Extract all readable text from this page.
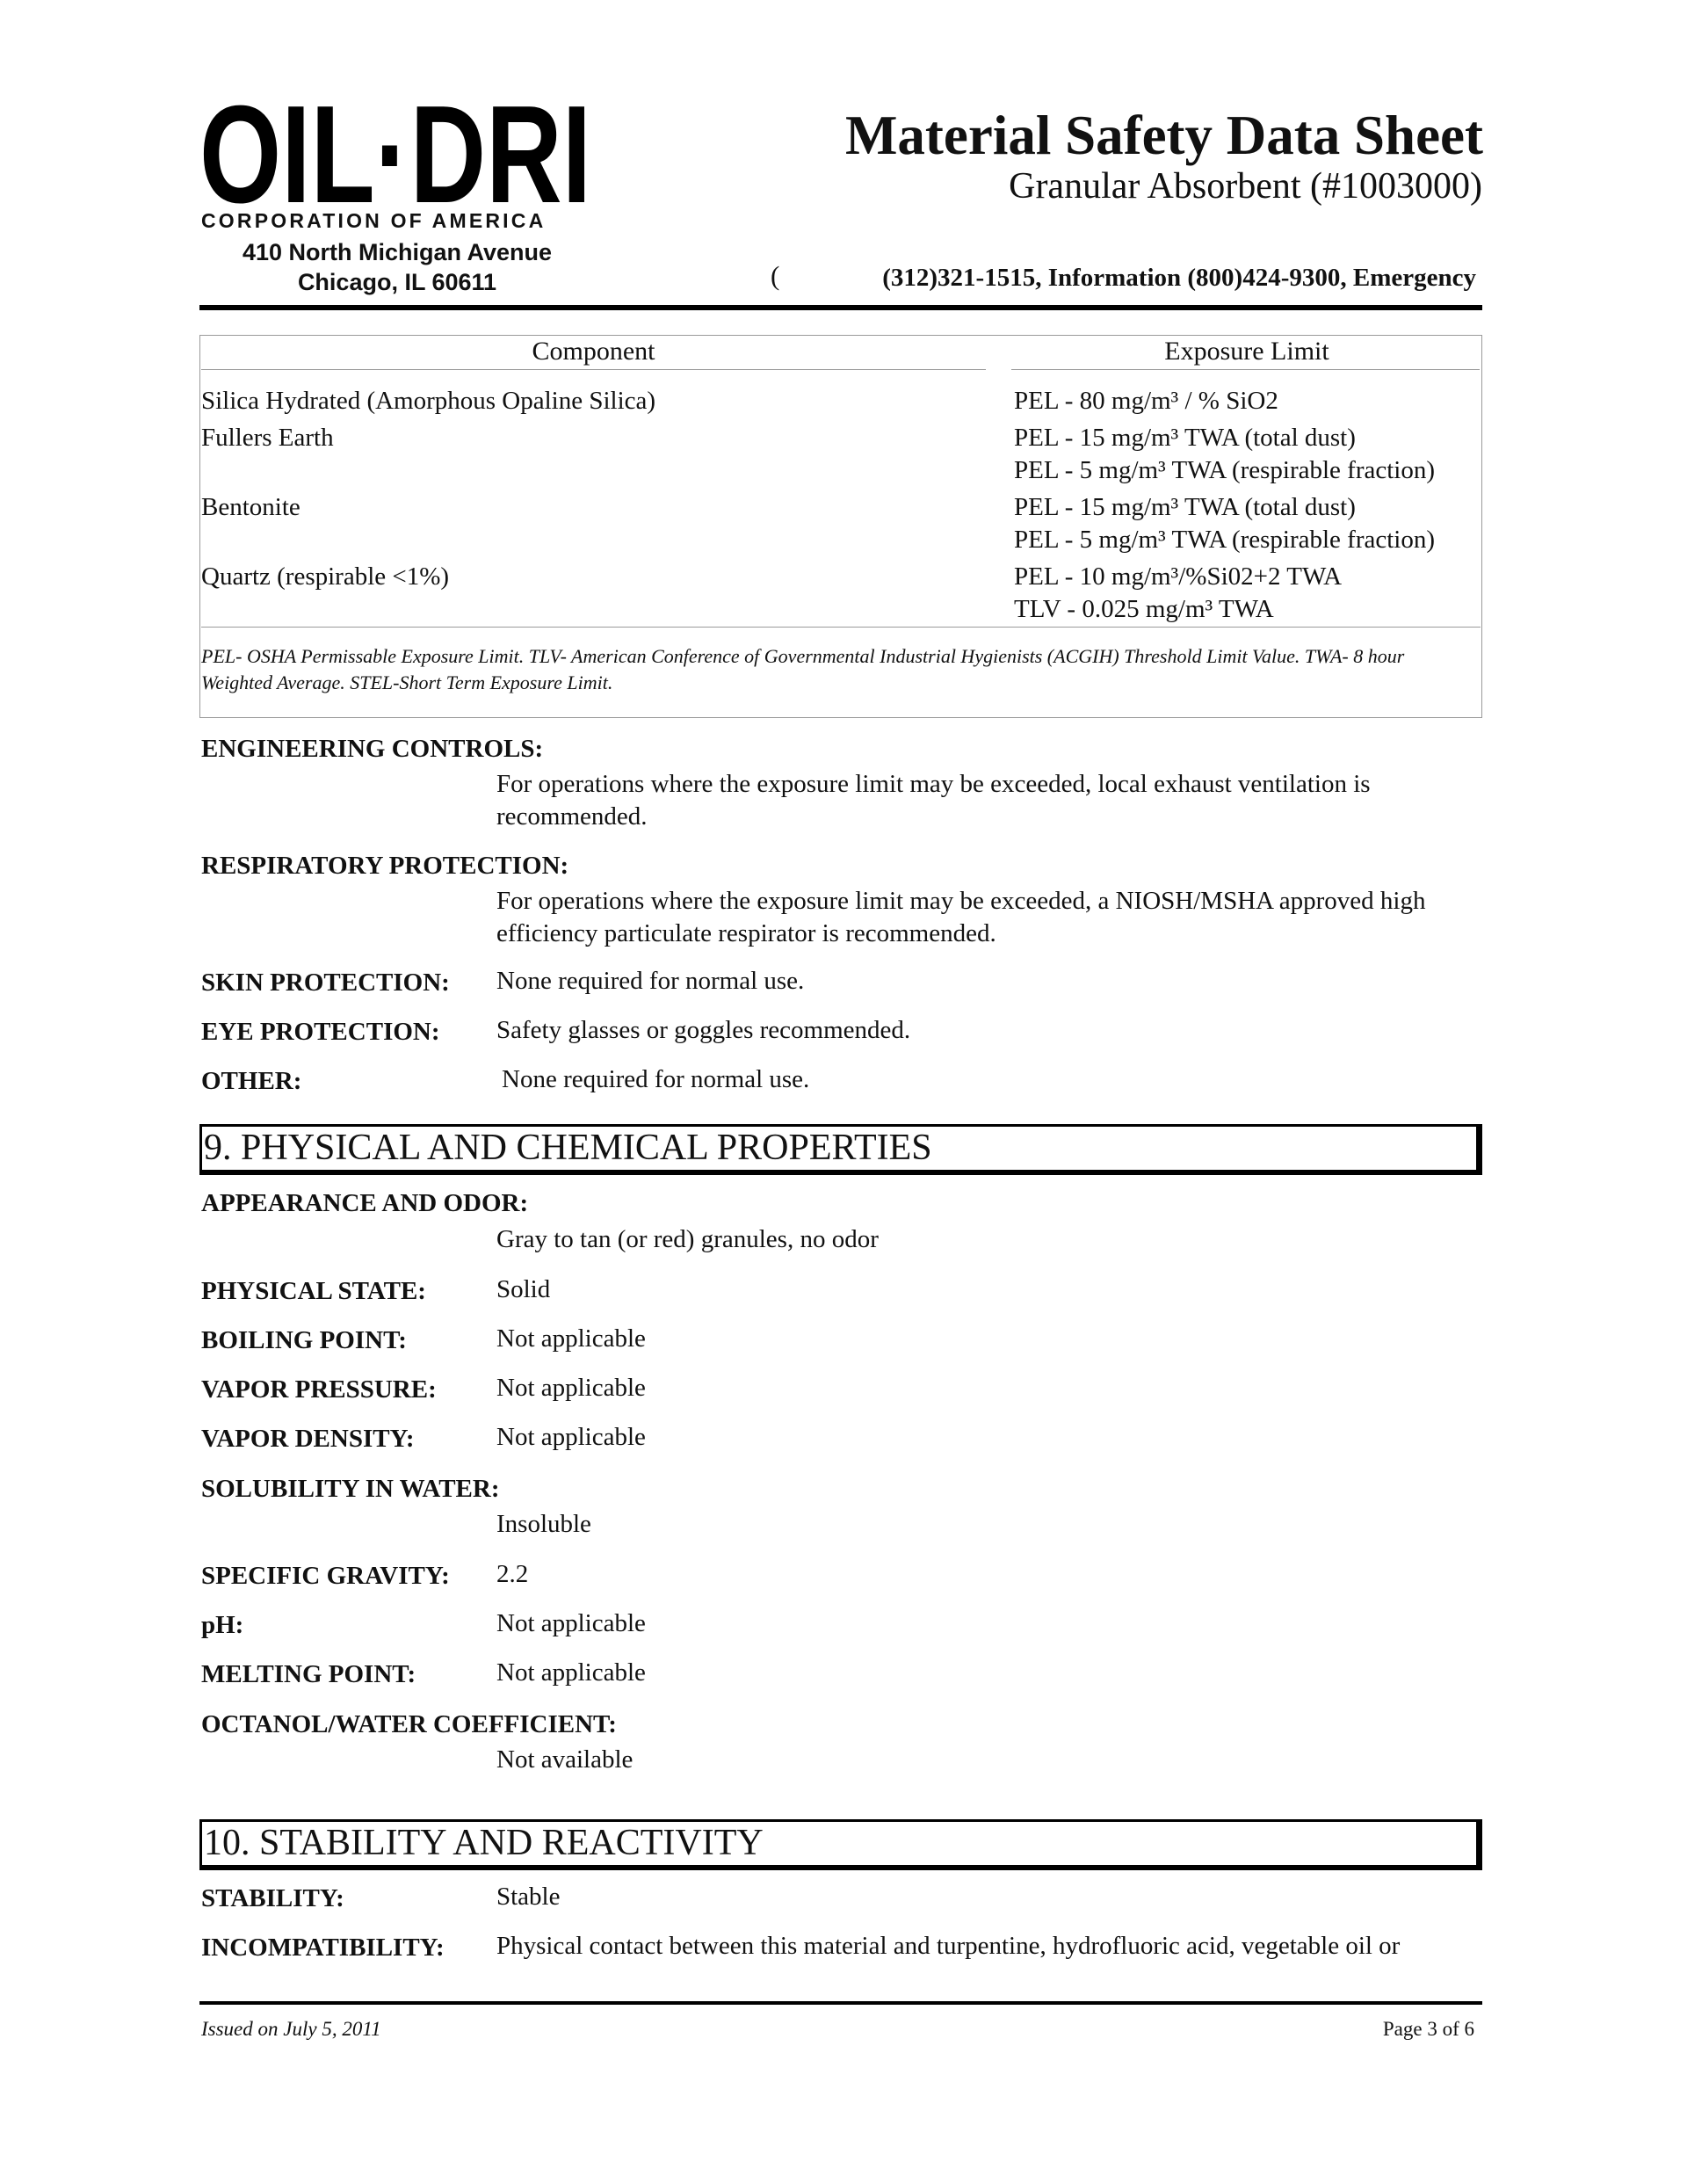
OIL·DRI
CORPORATION OF AMERICA
410 North Michigan Avenue
Chicago, IL 60611
Material Safety Data Sheet
Granular Absorbent (#1003000)
(	(312)321-1515, Information (800)424-9300, Emergency
Component	Exposure Limit
Silica Hydrated (Amorphous Opaline Silica)	PEL - 80 mg/m³ / % SiO2
Fullers Earth	PEL - 15 mg/m³ TWA (total dust)
PEL - 5 mg/m³ TWA (respirable fraction)
Bentonite	PEL - 15 mg/m³ TWA (total dust)
PEL - 5 mg/m³ TWA (respirable fraction)
Quartz (respirable <1%)	PEL - 10 mg/m³/%Si02+2 TWA
TLV - 0.025 mg/m³ TWA
PEL- OSHA Permissable Exposure Limit. TLV- American Conference of Governmental Industrial Hygienists (ACGIH) Threshold Limit Value. TWA- 8 hour Weighted Average. STEL-Short Term Exposure Limit.
ENGINEERING CONTROLS:
For operations where the exposure limit may be exceeded, local exhaust ventilation is recommended.
RESPIRATORY PROTECTION:
For operations where the exposure limit may be exceeded, a NIOSH/MSHA approved high efficiency particulate respirator is recommended.
SKIN PROTECTION: None required for normal use.
EYE PROTECTION: Safety glasses or goggles recommended.
OTHER:	None required for normal use.
9. PHYSICAL AND CHEMICAL PROPERTIES
APPEARANCE AND ODOR:
Gray to tan (or red) granules, no odor
PHYSICAL STATE:	Solid
BOILING POINT:	Not applicable
VAPOR PRESSURE: Not applicable
VAPOR DENSITY:	Not applicable
SOLUBILITY IN WATER:
Insoluble
SPECIFIC GRAVITY: 2.2
pH:	Not applicable
MELTING POINT:	Not applicable
OCTANOL/WATER COEFFICIENT:
Not available
10. STABILITY AND REACTIVITY
STABILITY:	Stable
INCOMPATIBILITY: Physical contact between this material and turpentine, hydrofluoric acid, vegetable oil or
Issued on July 5, 2011	Page 3 of 6
